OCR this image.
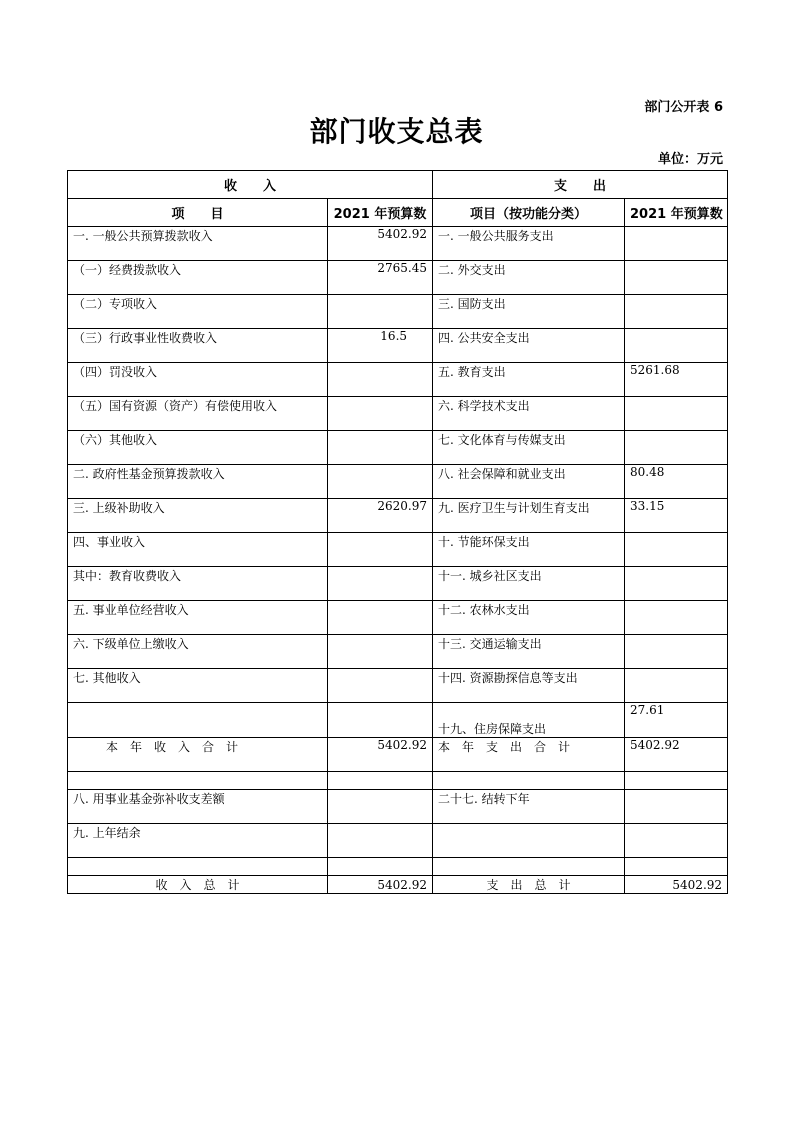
部门公开表 6
部门收支总表
单位：万元
收　　入		支　　出	
项　　目	2021 年预算数	项目（按功能分类）	2021 年预算数
一. 一般公共预算拨款收入	5402.92	一. 一般公共服务支出	
（一）经费拨款收入	2765.45	二. 外交支出	
（二）专项收入		三. 国防支出	
（三）行政事业性收费收入	16.5	四. 公共安全支出	
（四）罚没收入		五. 教育支出	5261.68
（五）国有资源（资产）有偿使用收入		六. 科学技术支出	
（六）其他收入		七. 文化体育与传媒支出	
二. 政府性基金预算拨款收入		八. 社会保障和就业支出	80.48
三. 上级补助收入	2620.97	九. 医疗卫生与计划生育支出	33.15
四、事业收入		十. 节能环保支出	
其中：教育收费收入		十一. 城乡社区支出	
五. 事业单位经营收入		十二. 农林水支出	
六. 下级单位上缴收入		十三. 交通运输支出	
七. 其他收入		十四. 资源勘探信息等支出	
		十九、住房保障支出	27.61
本　年　收　入　合　计	5402.92	本　年　支　出　合　计	5402.92

八. 用事业基金弥补收支差额		二十七. 结转下年	
九. 上年结余			

收　入　总　计	5402.92	支　出　总　计	5402.92
